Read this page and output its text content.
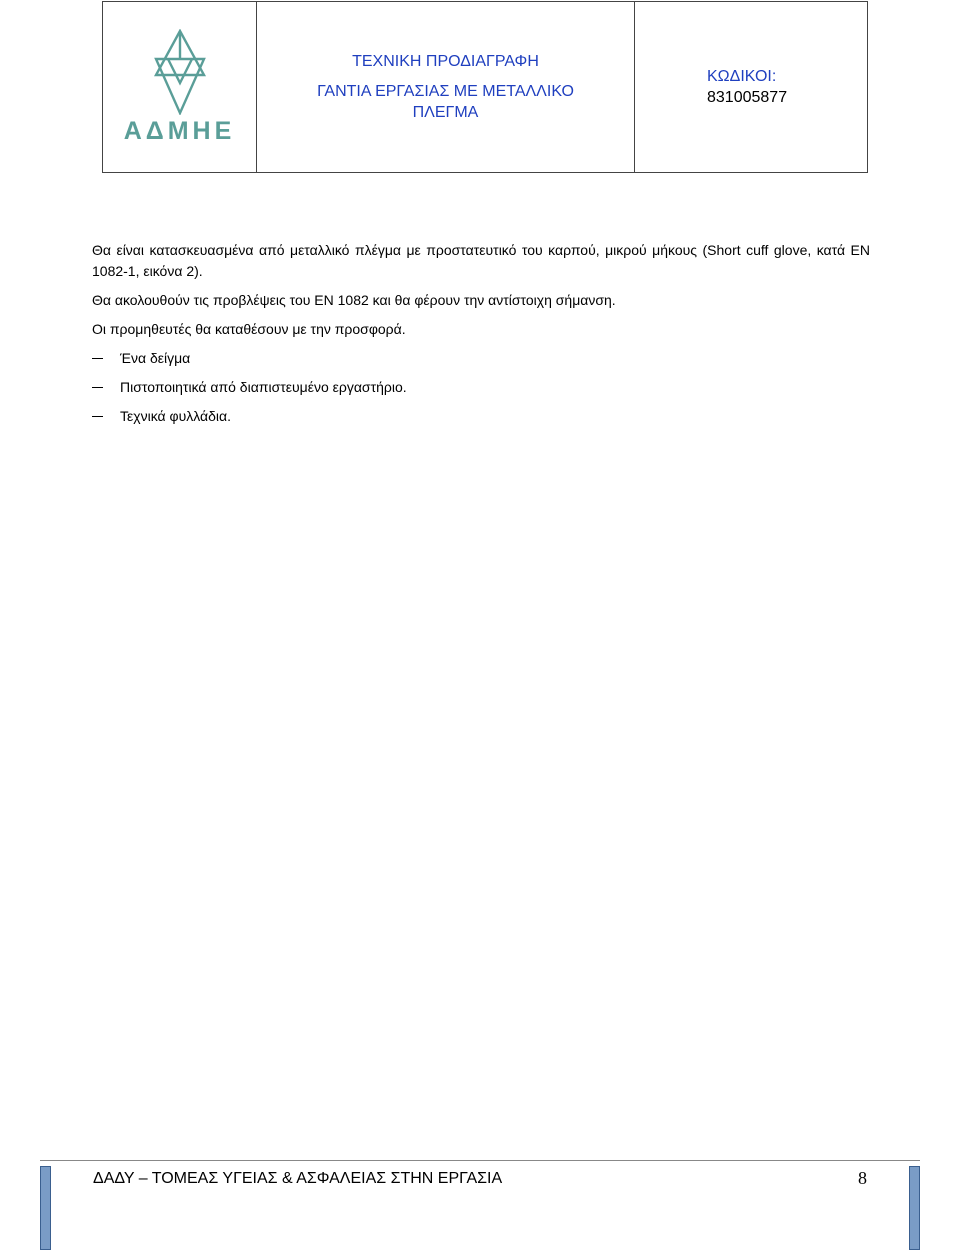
ΑΔΜΗΕ

ΤΕΧΝΙΚΗ ΠΡΟΔΙΑΓΡΑΦΗ
ΓΑΝΤΙΑ ΕΡΓΑΣΙΑΣ ΜΕ ΜΕΤΑΛΛΙΚΟ
ΠΛΕΓΜΑ

ΚΩΔΙΚΟΙ:
831005877

Θα είναι κατασκευασμένα από μεταλλικό πλέγμα με προστατευτικό του καρπού, μικρού μήκους (Short cuff glove, κατά EN 1082-1, εικόνα 2).

Θα ακολουθούν τις προβλέψεις του EN 1082 και θα φέρουν την αντίστοιχη σήμανση.

Οι προμηθευτές θα καταθέσουν με την προσφορά.

Ένα δείγμα
Πιστοποιητικά από διαπιστευμένο εργαστήριο.
Τεχνικά φυλλάδια.
ΔΑΔΥ – ΤΟΜΕΑΣ ΥΓΕΙΑΣ & ΑΣΦΑΛΕΙΑΣ ΣΤΗΝ ΕΡΓΑΣΙΑ	8
